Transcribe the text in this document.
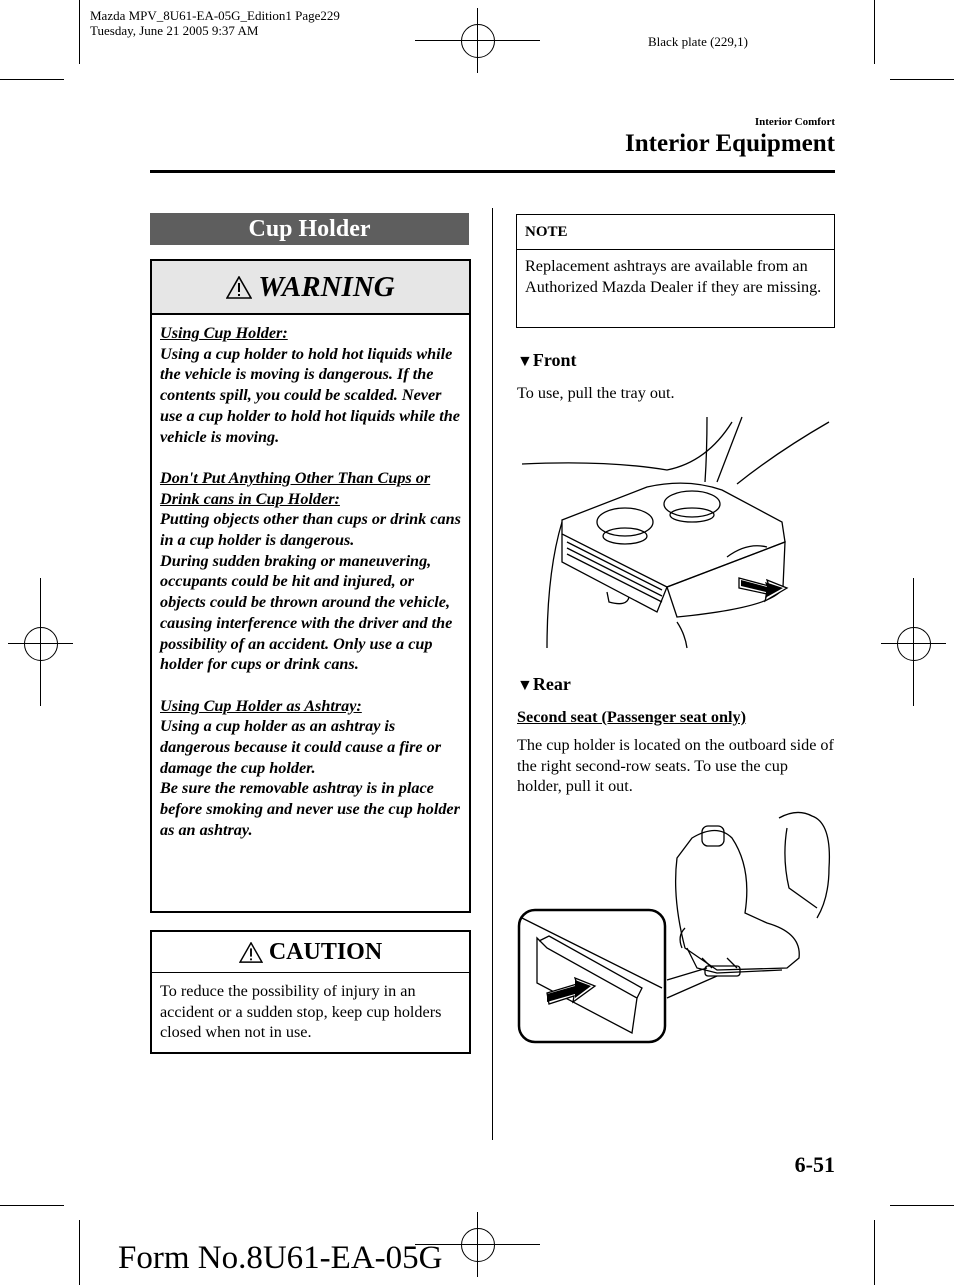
Mazda MPV_8U61-EA-05G_Edition1 Page229
Tuesday, June 21 2005 9:37 AM
Black plate (229,1)
Interior Comfort
Interior Equipment
Cup Holder
WARNING

Using Cup Holder:
Using a cup holder to hold hot liquids while the vehicle is moving is dangerous. If the contents spill, you could be scalded. Never use a cup holder to hold hot liquids while the vehicle is moving.

Don't Put Anything Other Than Cups or Drink cans in Cup Holder:
Putting objects other than cups or drink cans in a cup holder is dangerous.
During sudden braking or maneuvering, occupants could be hit and injured, or objects could be thrown around the vehicle, causing interference with the driver and the possibility of an accident. Only use a cup holder for cups or drink cans.

Using Cup Holder as Ashtray:
Using a cup holder as an ashtray is dangerous because it could cause a fire or damage the cup holder.
Be sure the removable ashtray is in place before smoking and never use the cup holder as an ashtray.

CAUTION
To reduce the possibility of injury in an accident or a sudden stop, keep cup holders closed when not in use.
NOTE
Replacement ashtrays are available from an Authorized Mazda Dealer if they are missing.
▼Front
To use, pull the tray out.
▼Rear
Second seat (Passenger seat only)
The cup holder is located on the outboard side of the right second-row seats. To use the cup holder, pull it out.
6-51
Form No.8U61-EA-05G
